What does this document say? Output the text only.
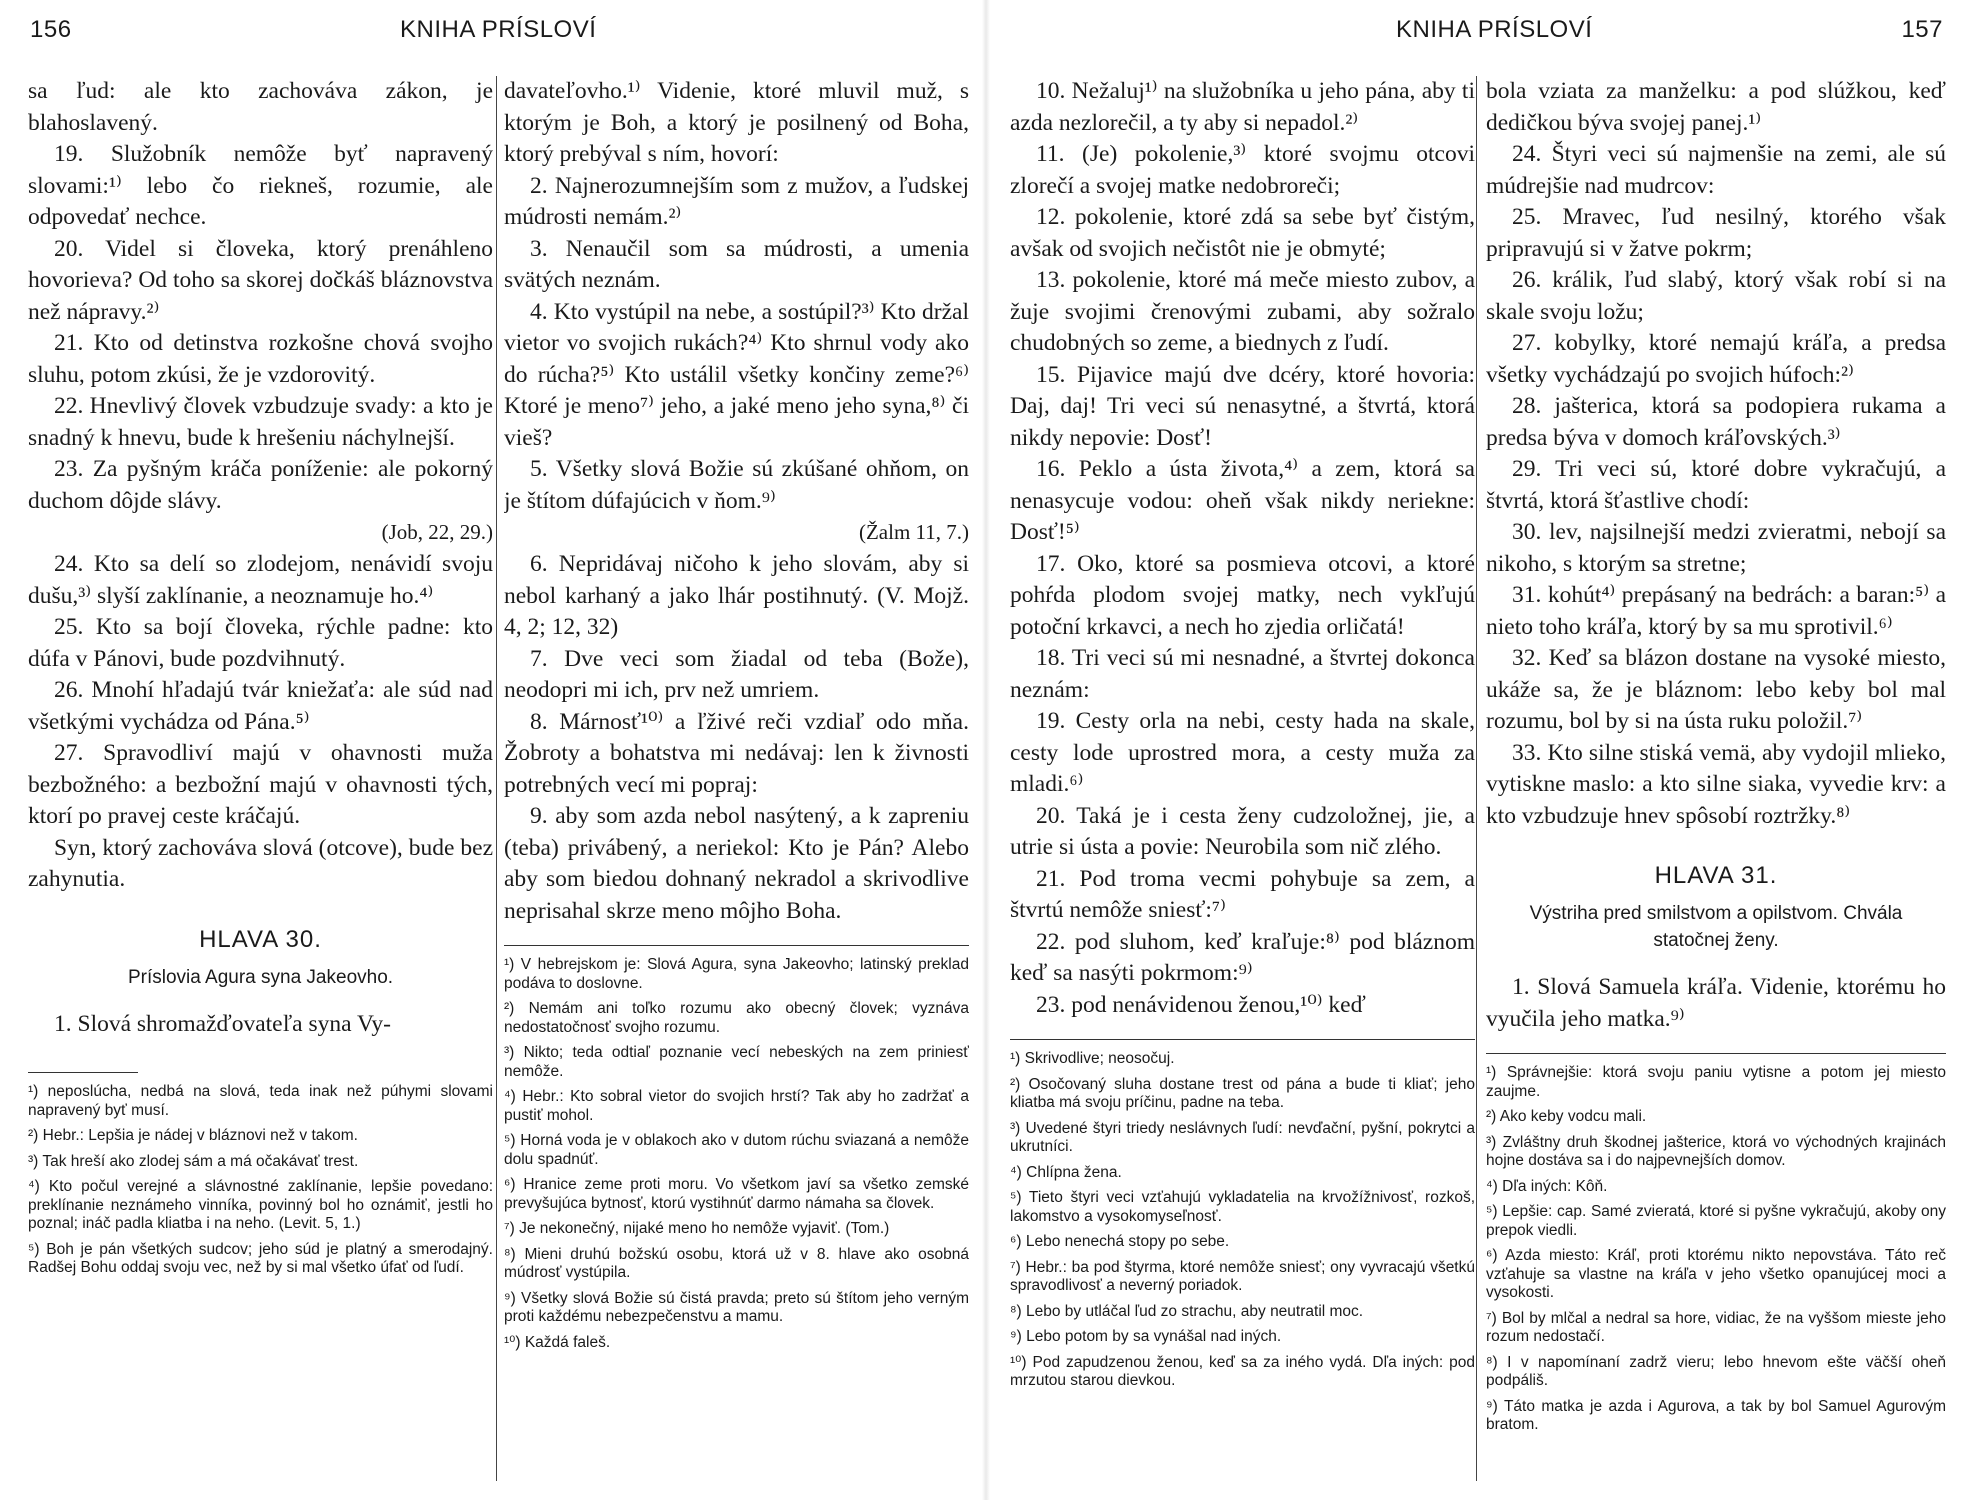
156	KNIHA PRÍSLOVÍ

sa ľud: ale kto zachováva zákon, je blahoslavený.

19. Služobník nemôže byť napravený slovami:¹⁾ lebo čo riekneš, rozumie, ale odpovedať nechce.

20. Videl si človeka, ktorý prenáhleno hovorieva? Od toho sa skorej dočkáš bláznovstva než nápravy.²⁾

21. Kto od detinstva rozkošne chová svojho sluhu, potom zkúsi, že je vzdorovitý.

22. Hnevlivý človek vzbudzuje svady: a kto je snadný k hnevu, bude k hrešeniu náchylnejší.

23. Za pyšným kráča poníženie: ale pokorný duchom dôjde slávy.

(Job, 22, 29.)

24. Kto sa delí so zlodejom, nenávidí svoju dušu,³⁾ slyší zaklínanie, a neoznamuje ho.⁴⁾

25. Kto sa bojí človeka, rýchle padne: kto dúfa v Pánovi, bude pozdvihnutý.

26. Mnohí hľadajú tvár kniežaťa: ale súd nad všetkými vychádza od Pána.⁵⁾

27. Spravodliví majú v ohavnosti muža bezbožného: a bezbožní majú v ohavnosti tých, ktorí po pravej ceste kráčajú.

Syn, ktorý zachováva slová (otcove), bude bez zahynutia.

HLAVA 30.
Príslovia Agura syna Jakeovho.

1. Slová shromažďovateľa syna Vy-

¹) neposlúcha, nedbá na slová, teda inak než púhymi slovami napravený byť musí.

²) Hebr.: Lepšia je nádej v bláznovi než v takom.

³) Tak hreší ako zlodej sám a má očakávať trest.

⁴) Kto počul verejné a slávnostné zaklínanie, lepšie povedano: preklínanie neznámeho vinníka, povinný bol ho oznámiť, jestli ho poznal; ináč padla kliatba i na neho. (Levit. 5, 1.)

⁵) Boh je pán všetkých sudcov; jeho súd je platný a smerodajný. Radšej Bohu oddaj svoju vec, než by si mal všetko úfať od ľudí.

davateľovho.¹⁾ Videnie, ktoré mluvil muž, s ktorým je Boh, a ktorý je posilnený od Boha, ktorý prebýval s ním, hovorí:

2. Najnerozumnejším som z mužov, a ľudskej múdrosti nemám.²⁾

3. Nenaučil som sa múdrosti, a umenia svätých neznám.

4. Kto vystúpil na nebe, a sostúpil?³⁾ Kto držal vietor vo svojich rukách?⁴⁾ Kto shrnul vody ako do rúcha?⁵⁾ Kto ustálil všetky končiny zeme?⁶⁾ Ktoré je meno⁷⁾ jeho, a jaké meno jeho syna,⁸⁾ či vieš?

5. Všetky slová Božie sú zkúšané ohňom, on je štítom dúfajúcich v ňom.⁹⁾

(Žalm 11, 7.)

6. Nepridávaj ničoho k jeho slovám, aby si nebol karhaný a jako lhár postihnutý. (V. Mojž. 4, 2; 12, 32)

7. Dve veci som žiadal od teba (Bože), neodopri mi ich, prv než umriem.

8. Márnosť¹⁰⁾ a ľživé reči vzdiaľ odo mňa. Žobroty a bohatstva mi nedávaj: len k živnosti potrebných vecí mi popraj:

9. aby som azda nebol nasýtený, a k zapreniu (teba) privábený, a neriekol: Kto je Pán? Alebo aby som biedou dohnaný nekradol a skrivodlive neprisahal skrze meno môjho Boha.

¹) V hebrejskom je: Slová Agura, syna Jakeovho; latinský preklad podáva to doslovne.

²) Nemám ani toľko rozumu ako obecný človek; vyznáva nedostatočnosť svojho rozumu.

³) Nikto; teda odtiaľ poznanie vecí nebeských na zem priniesť nemôže.

⁴) Hebr.: Kto sobral vietor do svojich hrstí? Tak aby ho zadržať a pustiť mohol.

⁵) Horná voda je v oblakoch ako v dutom rúchu sviazaná a nemôže dolu spadnúť.

⁶) Hranice zeme proti moru. Vo všetkom javí sa všetko zemské prevyšujúca bytnosť, ktorú vystihnúť darmo námaha sa človek.

⁷) Je nekonečný, nijaké meno ho nemôže vyjaviť. (Tom.)

⁸) Mieni druhú božskú osobu, ktorá už v 8. hlave ako osobná múdrosť vystúpila.

⁹) Všetky slová Božie sú čistá pravda; preto sú štítom jeho verným proti každému nebezpečenstvu a mamu.

¹⁰) Každá faleš.

KNIHA PRÍSLOVÍ	157

10. Nežaluj¹⁾ na služobníka u jeho pána, aby ti azda nezlorečil, a ty aby si nepadol.²⁾

11. (Je) pokolenie,³⁾ ktoré svojmu otcovi zlorečí a svojej matke nedobroreči;

12. pokolenie, ktoré zdá sa sebe byť čistým, avšak od svojich nečistôt nie je obmyté;

13. pokolenie, ktoré má meče miesto zubov, a žuje svojimi črenovými zubami, aby sožralo chudobných so zeme, a biednych z ľudí.

15. Pijavice majú dve dcéry, ktoré hovoria: Daj, daj! Tri veci sú nenasytné, a štvrtá, ktorá nikdy nepovie: Dosť!

16. Peklo a ústa života,⁴⁾ a zem, ktorá sa nenasycuje vodou: oheň však nikdy neriekne: Dosť!⁵⁾

17. Oko, ktoré sa posmieva otcovi, a ktoré pohŕda plodom svojej matky, nech vykľujú potoční krkavci, a nech ho zjedia orličatá!

18. Tri veci sú mi nesnadné, a štvrtej dokonca neznám:

19. Cesty orla na nebi, cesty hada na skale, cesty lode uprostred mora, a cesty muža za mladi.⁶⁾

20. Taká je i cesta ženy cudzoložnej, jie, a utrie si ústa a povie: Neurobila som nič zlého.

21. Pod troma vecmi pohybuje sa zem, a štvrtú nemôže sniesť:⁷⁾

22. pod sluhom, keď kraľuje:⁸⁾ pod bláznom keď sa nasýti pokrmom:⁹⁾

23. pod nenávidenou ženou,¹⁰⁾ keď

¹) Skrivodlive; neosočuj.

²) Osočovaný sluha dostane trest od pána a bude ti kliať; jeho kliatba má svoju príčinu, padne na teba.

³) Uvedené štyri triedy neslávnych ľudí: nevďační, pyšní, pokrytci a ukrutníci.

⁴) Chlípna žena.

⁵) Tieto štyri veci vzťahujú vykladatelia na krvožížnivosť, rozkoš, lakomstvo a vysokomyseľnosť.

⁶) Lebo nenechá stopy po sebe.

⁷) Hebr.: ba pod štyrma, ktoré nemôže sniesť; ony vyvracajú všetkú spravodlivosť a neverný poriadok.

⁸) Lebo by utláčal ľud zo strachu, aby neutratil moc.

⁹) Lebo potom by sa vynášal nad iných.

¹⁰) Pod zapudzenou ženou, keď sa za iného vydá. Dľa iných: pod mrzutou starou dievkou.

bola vziata za manželku: a pod slúžkou, keď dedičkou býva svojej panej.¹⁾

24. Štyri veci sú najmenšie na zemi, ale sú múdrejšie nad mudrcov:

25. Mravec, ľud nesilný, ktorého však pripravujú si v žatve pokrm;

26. králik, ľud slabý, ktorý však robí si na skale svoju ložu;

27. kobylky, ktoré nemajú kráľa, a predsa všetky vychádzajú po svojich húfoch:²⁾

28. jašterica, ktorá sa podopiera rukama a predsa býva v domoch kráľovských.³⁾

29. Tri veci sú, ktoré dobre vykračujú, a štvrtá, ktorá šťastlive chodí:

30. lev, najsilnejší medzi zvieratmi, nebojí sa nikoho, s ktorým sa stretne;

31. kohút⁴⁾ prepásaný na bedrách: a baran:⁵⁾ a nieto toho kráľa, ktorý by sa mu sprotivil.⁶⁾

32. Keď sa blázon dostane na vysoké miesto, ukáže sa, že je bláznom: lebo keby bol mal rozumu, bol by si na ústa ruku položil.⁷⁾

33. Kto silne stiská vemä, aby vydojil mlieko, vytiskne maslo: a kto silne siaka, vyvedie krv: a kto vzbudzuje hnev spôsobí roztržky.⁸⁾

HLAVA 31.
Výstriha pred smilstvom a opilstvom. Chvála statočnej ženy.

1. Slová Samuela kráľa. Videnie, ktorému ho vyučila jeho matka.⁹⁾

¹) Správnejšie: ktorá svoju paniu vytisne a potom jej miesto zaujme.

²) Ako keby vodcu mali.

³) Zvláštny druh škodnej jašterice, ktorá vo východných krajinách hojne dostáva sa i do najpevnejších domov.

⁴) Dľa iných: Kôň.

⁵) Lepšie: cap. Samé zvieratá, ktoré si pyšne vykračujú, akoby ony prepok viedli.

⁶) Azda miesto: Kráľ, proti ktorému nikto nepovstáva. Táto reč vzťahuje sa vlastne na kráľa v jeho všetko opanujúcej moci a vysokosti.

⁷) Bol by mlčal a nedral sa hore, vidiac, že na vyššom mieste jeho rozum nedostačí.

⁸) I v napomínaní zadrž vieru; lebo hnevom ešte väčší oheň podpáliš.

⁹) Táto matka je azda i Agurova, a tak by bol Samuel Agurovým bratom.
